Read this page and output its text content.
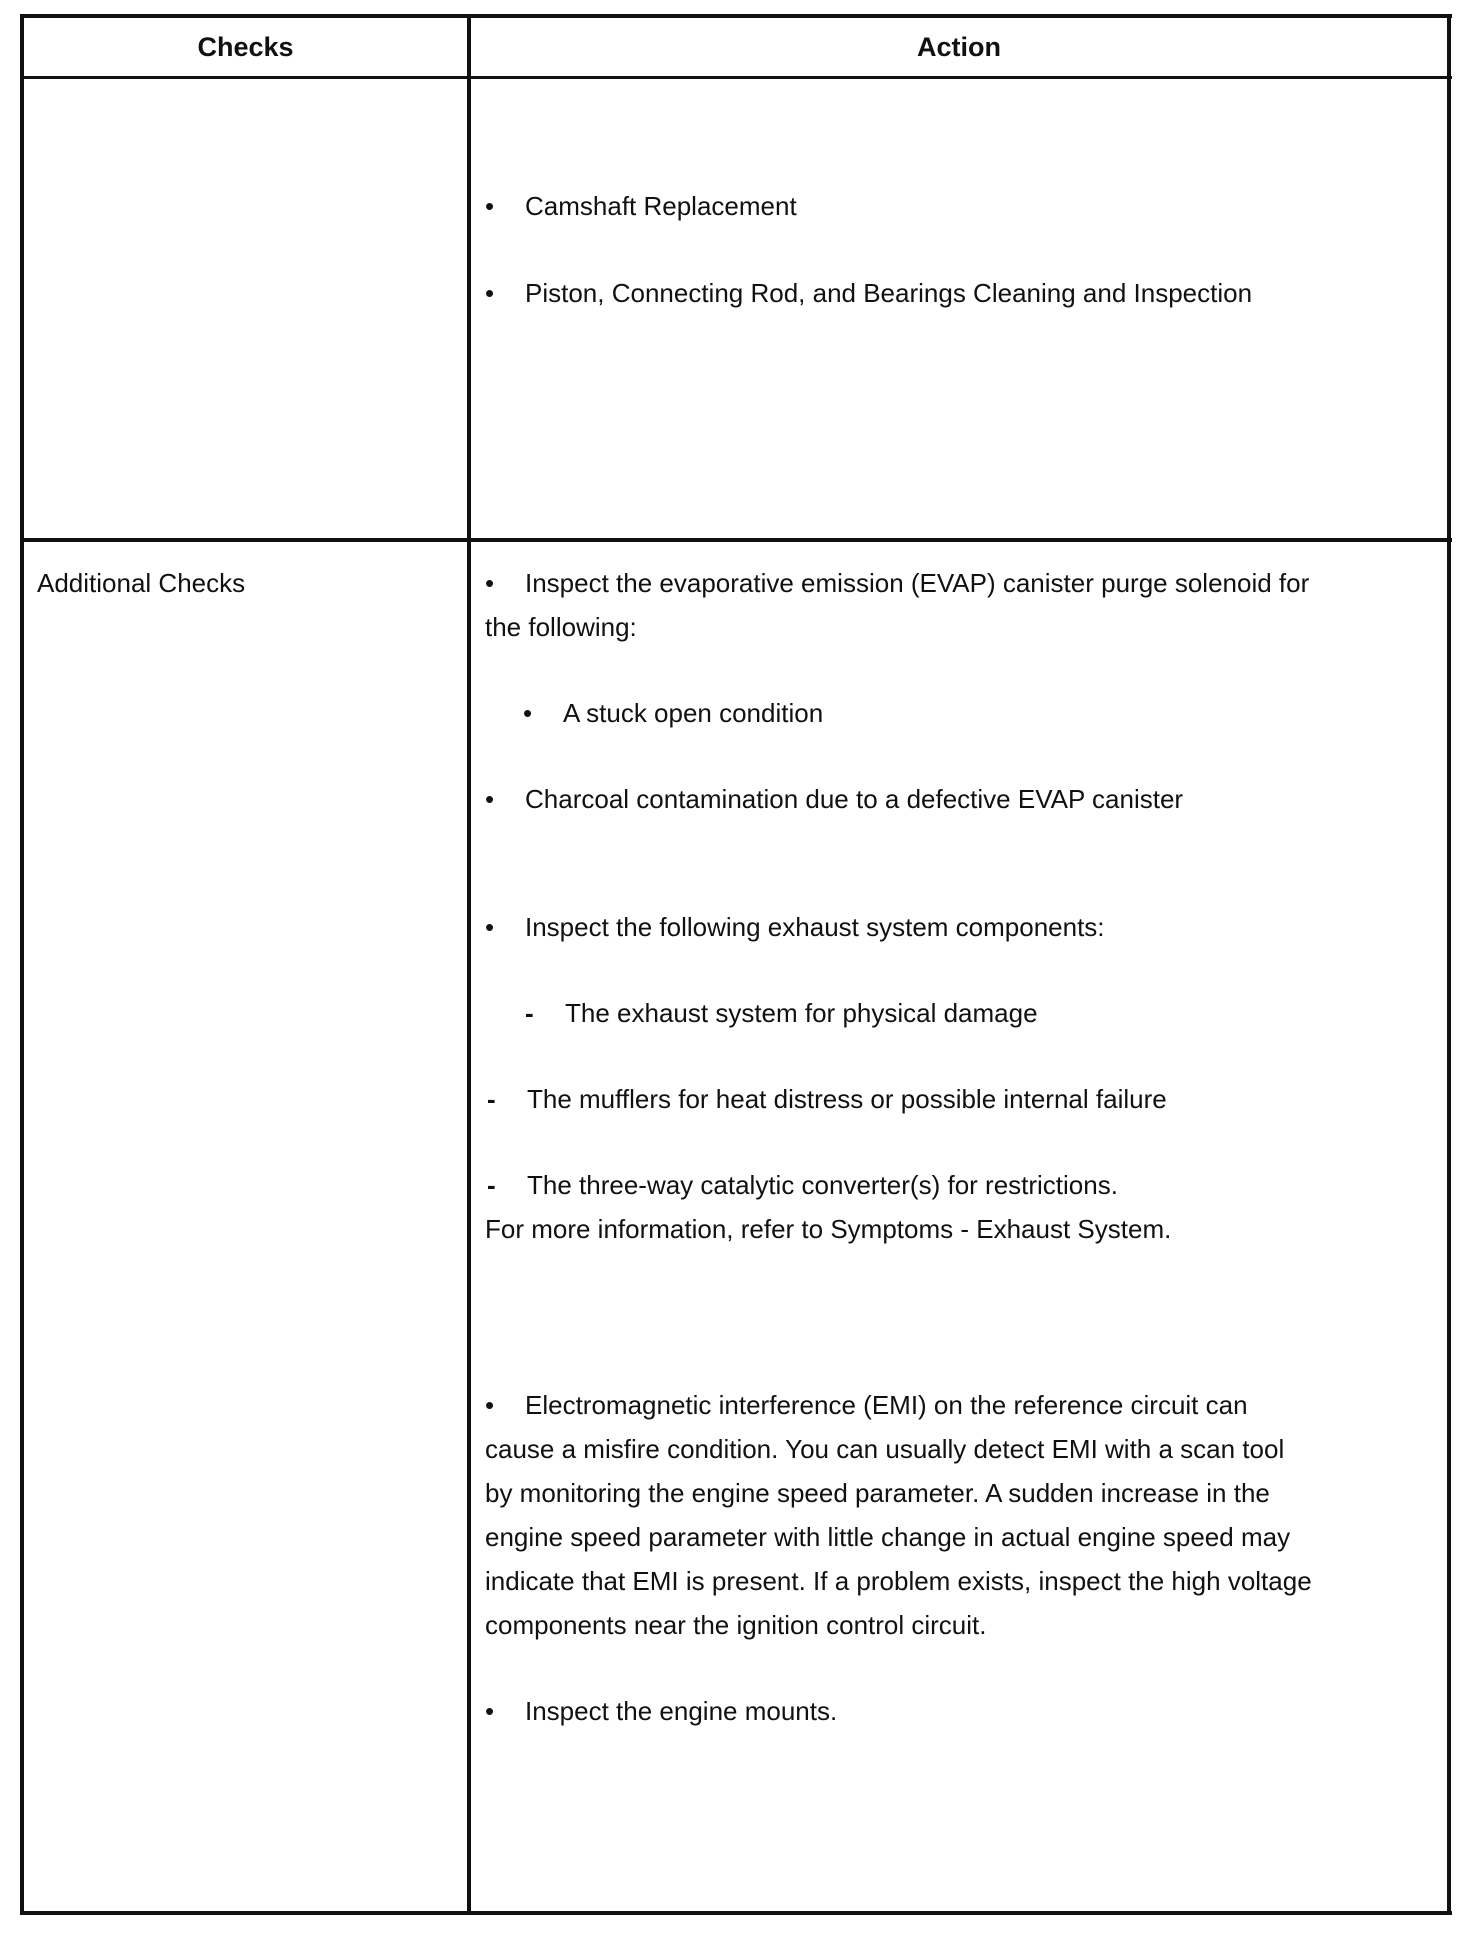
Checks	Action
• Camshaft Replacement
• Piston, Connecting Rod, and Bearings Cleaning and Inspection
Additional Checks	• Inspect the evaporative emission (EVAP) canister purge solenoid for
the following:
• A stuck open condition
• Charcoal contamination due to a defective EVAP canister
• Inspect the following exhaust system components:
- The exhaust system for physical damage
- The mufflers for heat distress or possible internal failure
- The three-way catalytic converter(s) for restrictions.
For more information, refer to Symptoms - Exhaust System.
• Electromagnetic interference (EMI) on the reference circuit can
cause a misfire condition. You can usually detect EMI with a scan tool
by monitoring the engine speed parameter. A sudden increase in the
engine speed parameter with little change in actual engine speed may
indicate that EMI is present. If a problem exists, inspect the high voltage
components near the ignition control circuit.
• Inspect the engine mounts.
